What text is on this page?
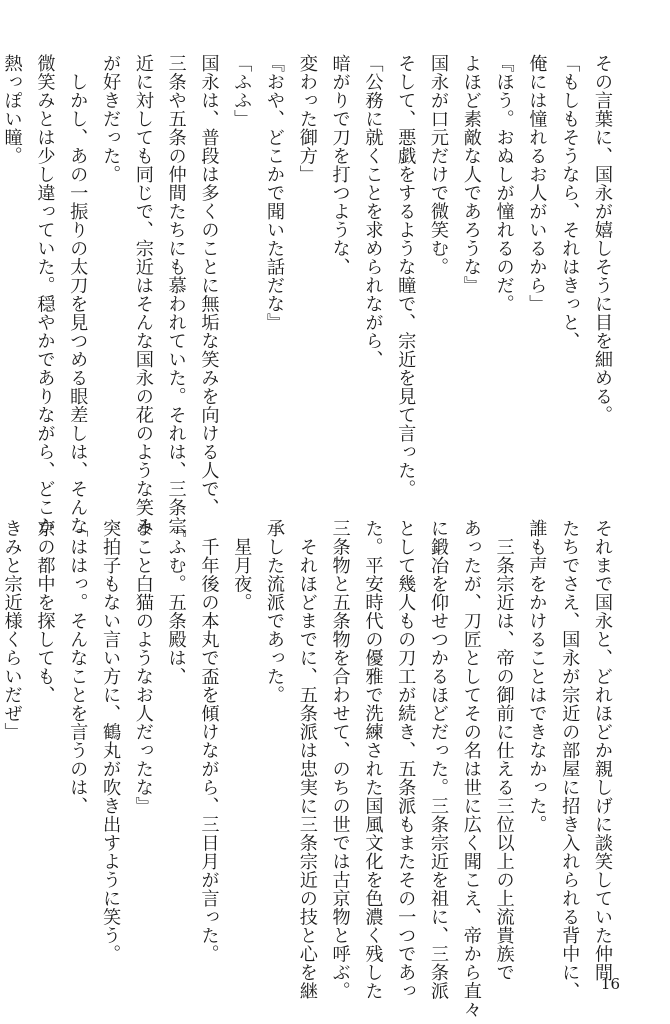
その言葉に、国永が嬉しそうに目を細める。
「もしもそうなら、それはきっと、
俺には憧れるお人がいるから」
『ほう。おぬしが憧れるのだ。
よほど素敵な人であろうな』
国永が口元だけで微笑む。
そして、悪戯をするような瞳で、宗近を見て言った。
「公務に就くことを求められながら、
暗がりで刀を打つような、
変わった御方」
『おや、どこかで聞いた話だな』
「ふふ」
国永は、普段は多くのことに無垢な笑みを向ける人で、
三条や五条の仲間たちにも慕われていた。それは、三条宗
近に対しても同じで、宗近はそんな国永の花のような笑み
が好きだった。
　しかし、あの一振りの太刀を見つめる眼差しは、そんな
微笑みとは少し違っていた。穏やかでありながら、どこか
熱っぽい瞳。
それまで国永と、どれほどか親しげに談笑していた仲間
たちでさえ、国永が宗近の部屋に招き入れられる背中に、
誰も声をかけることはできなかった。
　三条宗近は、帝の御前に仕える三位以上の上流貴族で
あったが、刀匠としてその名は世に広く聞こえ、帝から直々
に鍛冶を仰せつかるほどだった。三条宗近を祖に、三条派
として幾人もの刀工が続き、五条派もまたその一つであっ
た。平安時代の優雅で洗練された国風文化を色濃く残した
三条物と五条物を合わせて、のちの世では古京物と呼ぶ。
　それほどまでに、五条派は忠実に三条宗近の技と心を継
承した流派であった。
　星月夜。
　千年後の本丸で盃を傾けながら、三日月が言った。
『ふむ。五条殿は、
まこと白猫のようなお人だったな』
突拍子もない言い方に、鶴丸が吹き出すように笑う。
「ははっ。そんなことを言うのは、
京の都中を探しても、
きみと宗近様くらいだぜ」
16
